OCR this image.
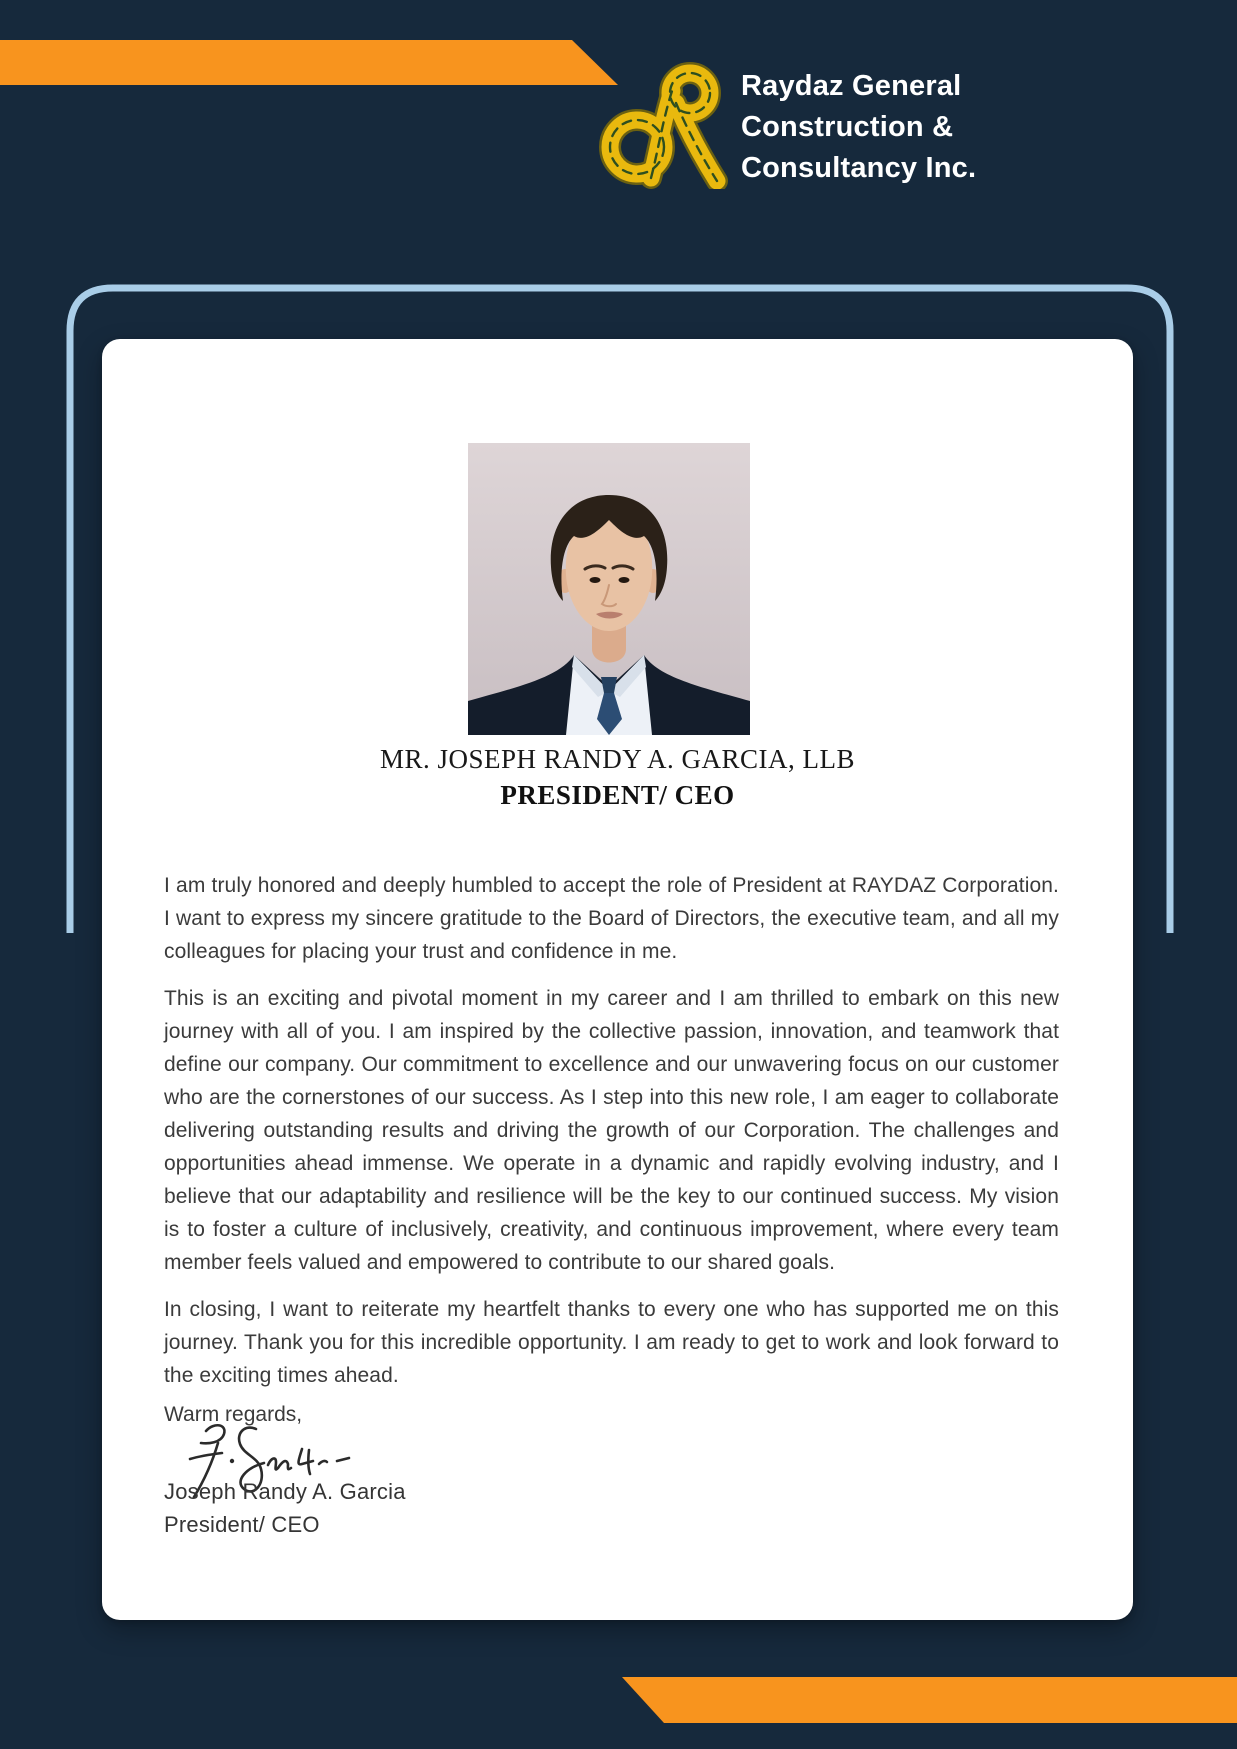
Raydaz General
Construction &
Consultancy Inc.
MR. JOSEPH RANDY A. GARCIA, LLB
PRESIDENT/ CEO

I am truly honored and deeply humbled to accept the role of President at RAYDAZ Corporation. I want to express my sincere gratitude to the Board of Directors, the executive team, and all my colleagues for placing your trust and confidence in me.

This is an exciting and pivotal moment in my career and I am thrilled to embark on this new journey with all of you. I am inspired by the collective passion, innovation, and teamwork that define our company. Our commitment to excellence and our unwavering focus on our customer who are the cornerstones of our success. As I step into this new role, I am eager to collaborate delivering outstanding results and driving the growth of our Corporation. The challenges and opportunities ahead immense. We operate in a dynamic and rapidly evolving industry, and I believe that our adaptability and resilience will be the key to our continued success. My vision is to foster a culture of inclusively, creativity, and continuous improvement, where every team member feels valued and empowered to contribute to our shared goals.

In closing, I want to reiterate my heartfelt thanks to every one who has supported me on this journey. Thank you for this incredible opportunity. I am ready to get to work and look forward to the exciting times ahead.

Warm regards,
Joseph Randy A. Garcia
President/ CEO
